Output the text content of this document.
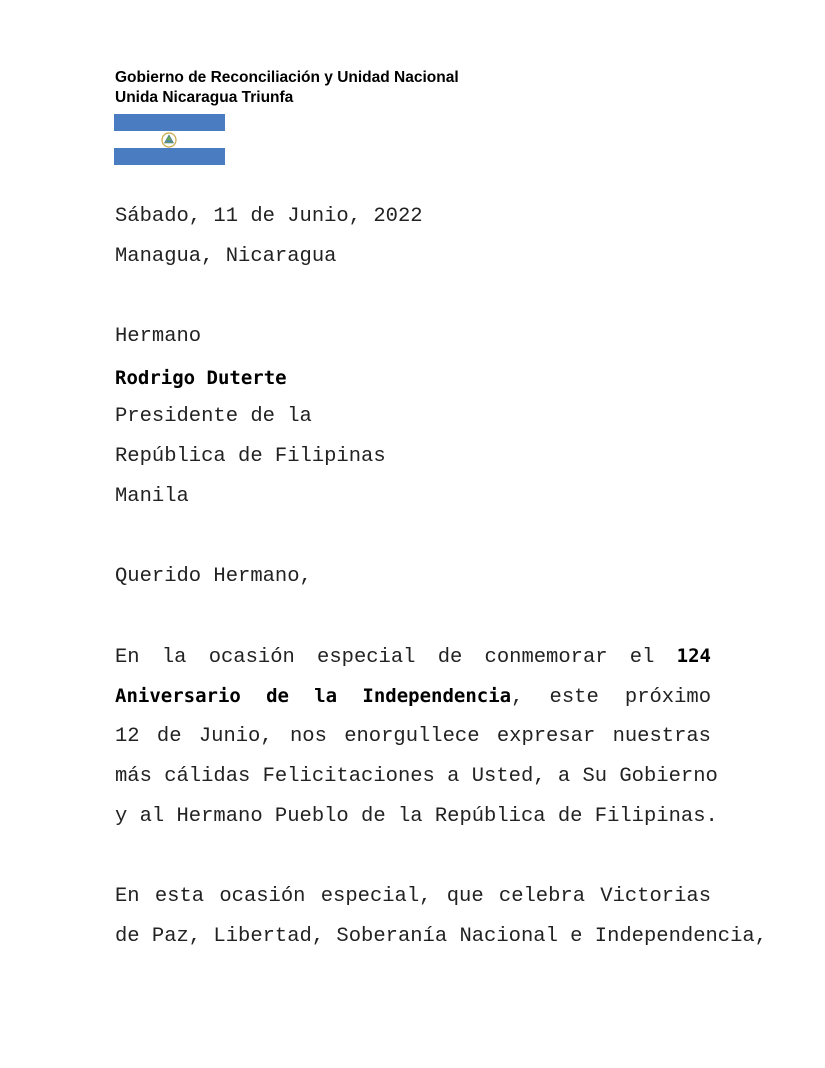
Gobierno de Reconciliación y Unidad Nacional
Unida Nicaragua Triunfa
Sábado, 11 de Junio, 2022
Managua, Nicaragua
Hermano
Rodrigo Duterte
Presidente de la
República de Filipinas
Manila
Querido Hermano,
En la ocasión especial de conmemorar el 124
Aniversario de la Independencia, este próximo
12 de Junio, nos enorgullece expresar nuestras
más cálidas Felicitaciones a Usted, a Su Gobierno
y al Hermano Pueblo de la República de Filipinas.
En esta ocasión especial, que celebra Victorias
de Paz, Libertad, Soberanía Nacional e Independencia,
